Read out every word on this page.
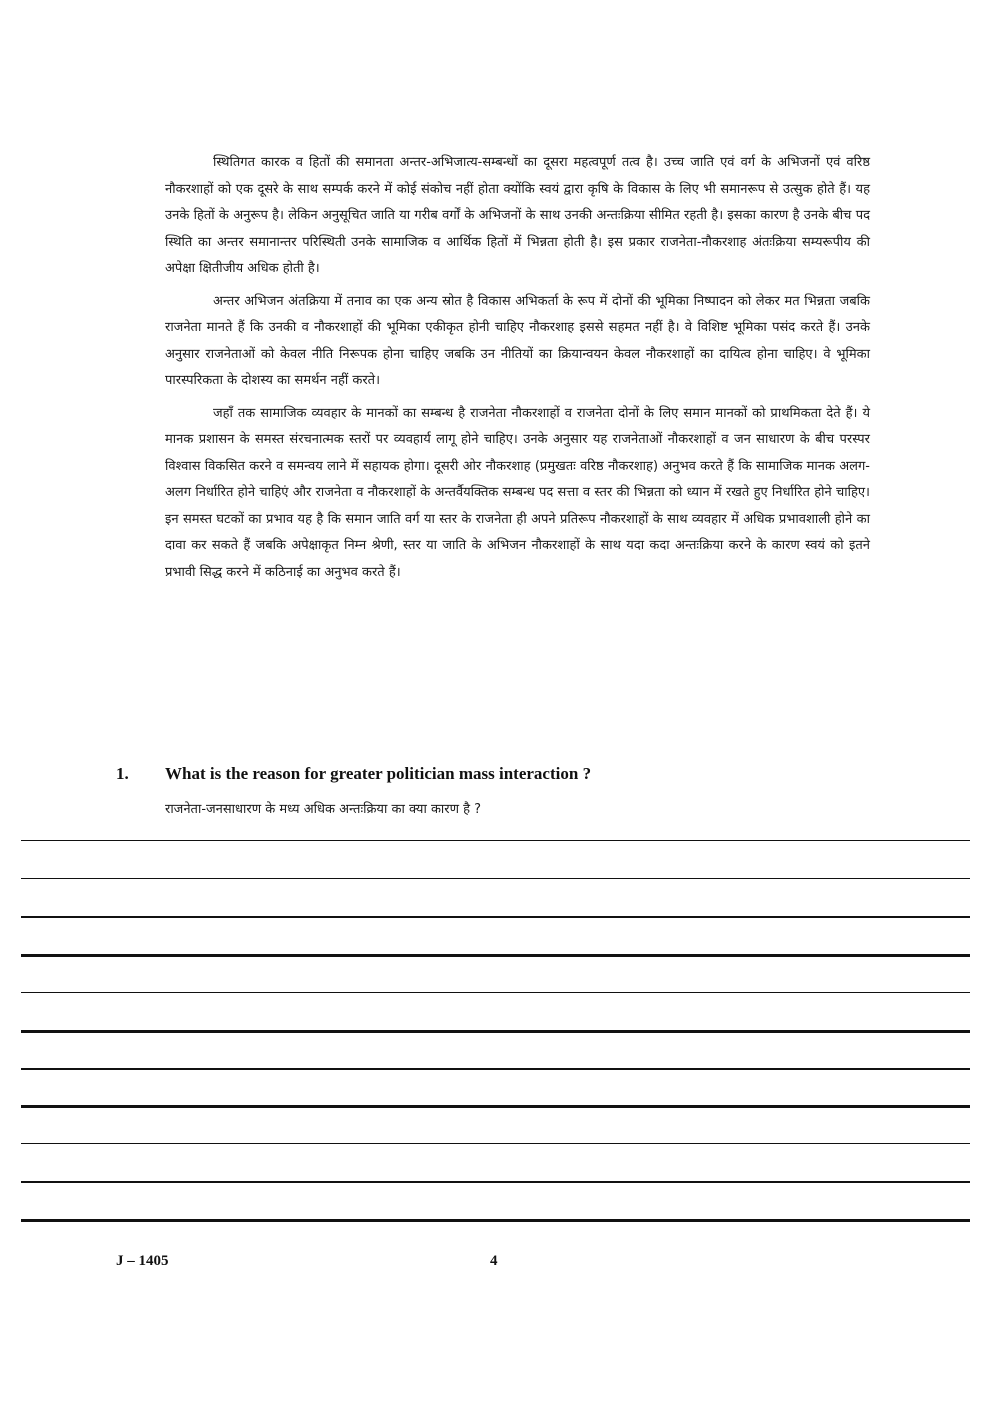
स्थितिगत कारक व हितों की समानता अन्तर-अभिजात्य-सम्बन्धों का दूसरा महत्वपूर्ण तत्व है। उच्च जाति एवं वर्ग के अभिजनों एवं वरिष्ठ नौकरशाहों को एक दूसरे के साथ सम्पर्क करने में कोई संकोच नहीं होता क्योंकि स्वयं द्वारा कृषि के विकास के लिए भी समानरूप से उत्सुक होते हैं। यह उनके हितों के अनुरूप है। लेकिन अनुसूचित जाति या गरीब वर्गों के अभिजनों के साथ उनकी अन्तःक्रिया सीमित रहती है। इसका कारण है उनके बीच पद स्थिति का अन्तर समानान्तर परिस्थिती उनके सामाजिक व आर्थिक हितों में भिन्नता होती है। इस प्रकार राजनेता-नौकरशाह अंतःक्रिया सम्यरूपीय की अपेक्षा क्षितीजीय अधिक होती है।

अन्तर अभिजन अंतक्रिया में तनाव का एक अन्य स्रोत है विकास अभिकर्ता के रूप में दोनों की भूमिका निष्पादन को लेकर मत भिन्नता जबकि राजनेता मानते हैं कि उनकी व नौकरशाहों की भूमिका एकीकृत होनी चाहिए नौकरशाह इससे सहमत नहीं है। वे विशिष्ट भूमिका पसंद करते हैं। उनके अनुसार राजनेताओं को केवल नीति निरूपक होना चाहिए जबकि उन नीतियों का क्रियान्वयन केवल नौकरशाहों का दायित्व होना चाहिए। वे भूमिका पारस्परिकता के दोशस्य का समर्थन नहीं करते।

जहाँ तक सामाजिक व्यवहार के मानकों का सम्बन्ध है राजनेता नौकरशाहों व राजनेता दोनों के लिए समान मानकों को प्राथमिकता देते हैं। ये मानक प्रशासन के समस्त संरचनात्मक स्तरों पर व्यवहार्य लागू होने चाहिए। उनके अनुसार यह राजनेताओं नौकरशाहों व जन साधारण के बीच परस्पर विश्वास विकसित करने व समन्वय लाने में सहायक होगा। दूसरी ओर नौकरशाह (प्रमुखतः वरिष्ठ नौकरशाह) अनुभव करते हैं कि सामाजिक मानक अलग-अलग निर्धारित होने चाहिएं और राजनेता व नौकरशाहों के अन्तर्वैयक्तिक सम्बन्ध पद सत्ता व स्तर की भिन्नता को ध्यान में रखते हुए निर्धारित होने चाहिए। इन समस्त घटकों का प्रभाव यह है कि समान जाति वर्ग या स्तर के राजनेता ही अपने प्रतिरूप नौकरशाहों के साथ व्यवहार में अधिक प्रभावशाली होने का दावा कर सकते हैं जबकि अपेक्षाकृत निम्न श्रेणी, स्तर या जाति के अभिजन नौकरशाहों के साथ यदा कदा अन्तःक्रिया करने के कारण स्वयं को इतने प्रभावी सिद्ध करने में कठिनाई का अनुभव करते हैं।

1. What is the reason for greater politician mass interaction ?
राजनेता-जनसाधारण के मध्य अधिक अन्तःक्रिया का क्या कारण है ?
J – 1405	4
